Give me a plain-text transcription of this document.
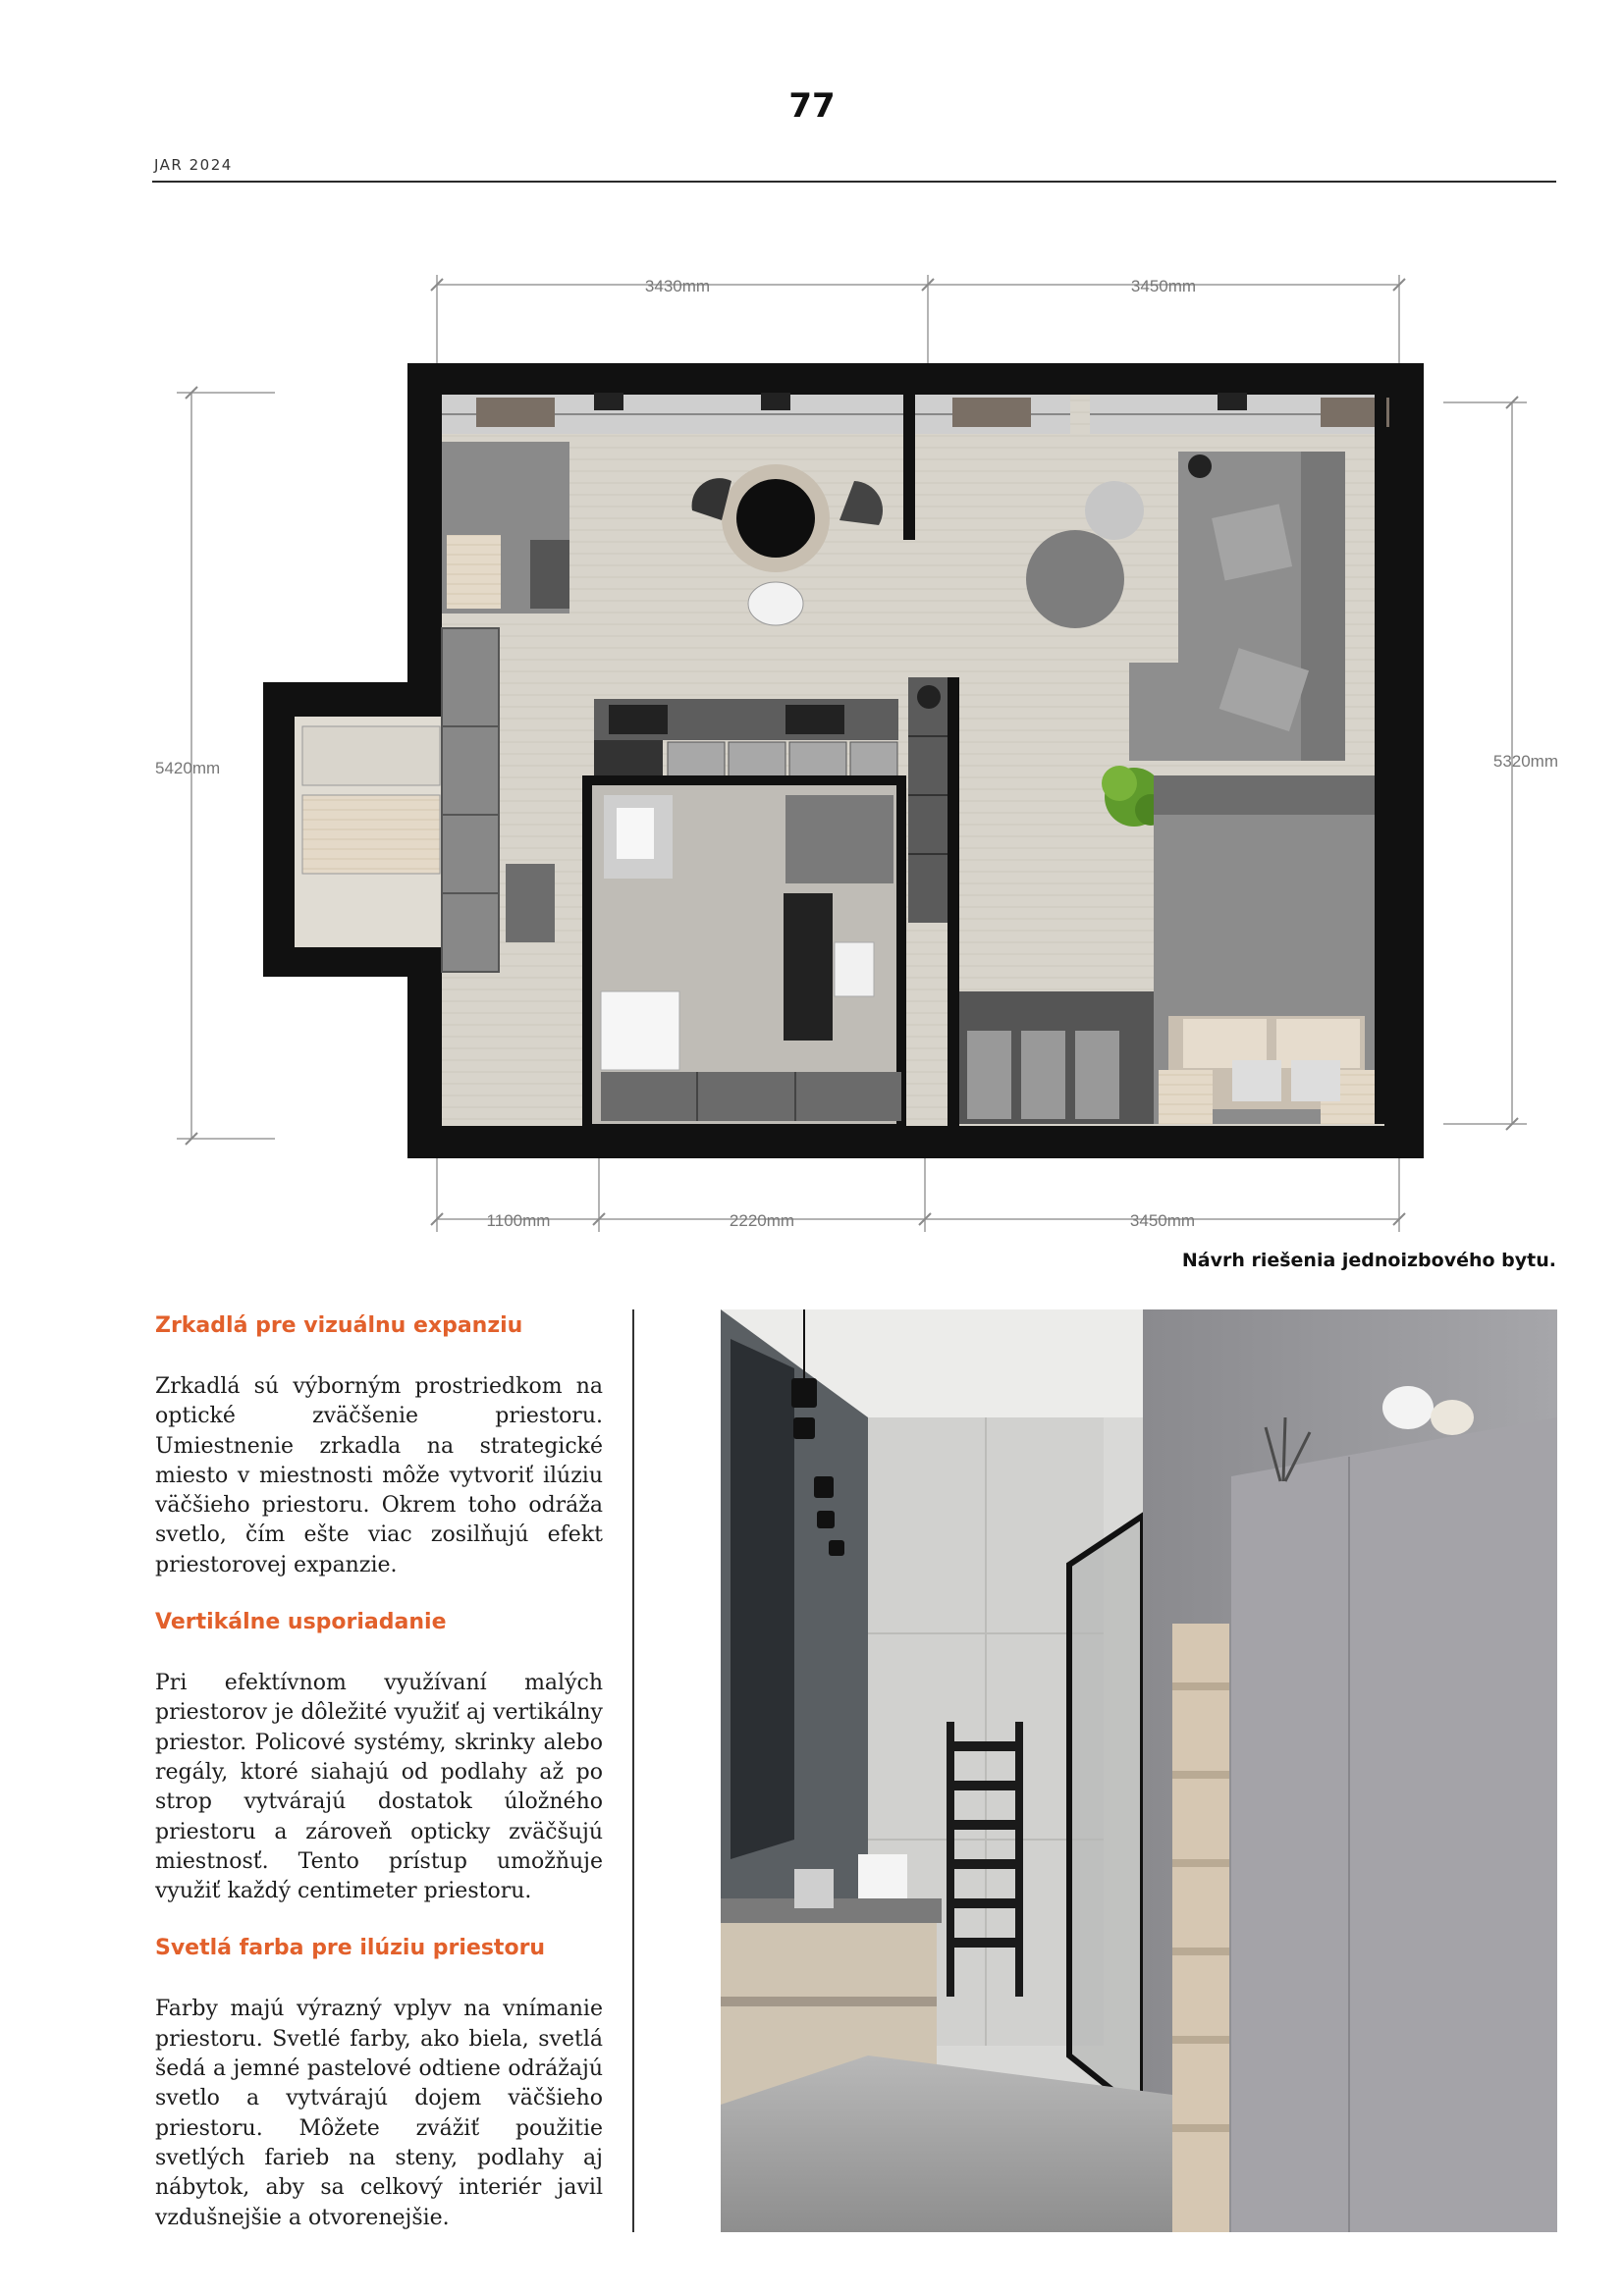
77
JAR 2024
3430mm	3450mm
5420mm	5320mm
1100mm	2220mm	3450mm
Návrh riešenia jednoizbového bytu.
Zrkadlá pre vizuálnu expanziu

Zrkadlá sú výborným prostriedkom na optické zväčšenie priestoru. Umiestnenie zrkadla na strategické miesto v miestnosti môže vytvoriť ilúziu väčšieho priestoru. Okrem toho odráža svetlo, čím ešte viac zosilňujú efekt priestorovej expanzie.

Vertikálne usporiadanie

Pri efektívnom využívaní malých priestorov je dôležité využiť aj vertikálny priestor. Policové systémy, skrinky alebo regály, ktoré siahajú od podlahy až po strop vytvárajú dostatok úložného priestoru a zároveň opticky zväčšujú miestnosť. Tento prístup umožňuje využiť každý centimeter priestoru.

Svetlá farba pre ilúziu priestoru

Farby majú výrazný vplyv na vnímanie priestoru. Svetlé farby, ako biela, svetlá šedá a jemné pastelové odtiene odrážajú svetlo a vytvárajú dojem väčšieho priestoru. Môžete zvážiť použitie svetlých farieb na steny, podlahy aj nábytok, aby sa celkový interiér javil vzdušnejšie a otvorenejšie.
